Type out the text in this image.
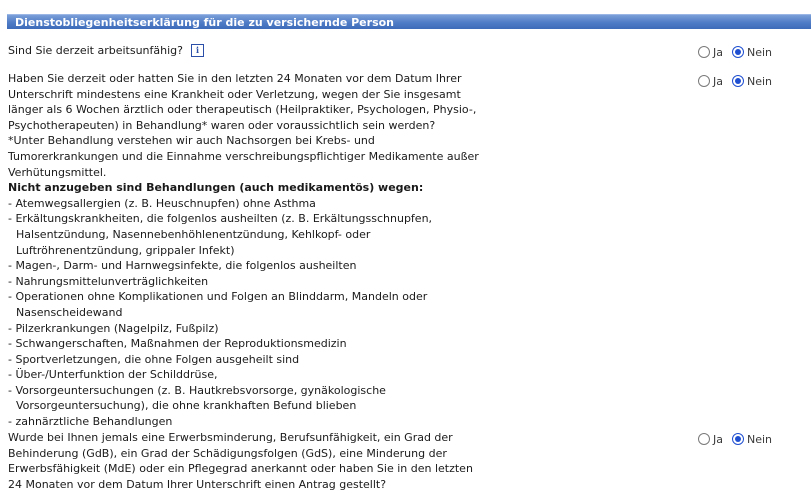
Dienstobliegenheitserklärung für die zu versichernde Person
Sind Sie derzeit arbeitsunfähig? i	Ja Nein
Haben Sie derzeit oder hatten Sie in den letzten 24 Monaten vor dem Datum Ihrer
Unterschrift mindestens eine Krankheit oder Verletzung, wegen der Sie insgesamt
länger als 6 Wochen ärztlich oder therapeutisch (Heilpraktiker, Psychologen, Physio-,
Psychotherapeuten) in Behandlung* waren oder voraussichtlich sein werden?
*Unter Behandlung verstehen wir auch Nachsorgen bei Krebs- und
Tumorerkrankungen und die Einnahme verschreibungspflichtiger Medikamente außer
Verhütungsmittel.
Nicht anzugeben sind Behandlungen (auch medikamentös) wegen:
- Atemwegsallergien (z. B. Heuschnupfen) ohne Asthma
- Erkältungskrankheiten, die folgenlos ausheilten (z. B. Erkältungsschnupfen,
Halsentzündung, Nasennebenhöhlenentzündung, Kehlkopf- oder
Luftröhrenentzündung, grippaler Infekt)
- Magen-, Darm- und Harnwegsinfekte, die folgenlos ausheilten
- Nahrungsmittelunverträglichkeiten
- Operationen ohne Komplikationen und Folgen an Blinddarm, Mandeln oder
Nasenscheidewand
- Pilzerkrankungen (Nagelpilz, Fußpilz)
- Schwangerschaften, Maßnahmen der Reproduktionsmedizin
- Sportverletzungen, die ohne Folgen ausgeheilt sind
- Über-/Unterfunktion der Schilddrüse,
- Vorsorgeuntersuchungen (z. B. Hautkrebsvorsorge, gynäkologische
Vorsorgeuntersuchung), die ohne krankhaften Befund blieben
- zahnärztliche Behandlungen
Ja Nein
Wurde bei Ihnen jemals eine Erwerbsminderung, Berufsunfähigkeit, ein Grad der
Behinderung (GdB), ein Grad der Schädigungsfolgen (GdS), eine Minderung der
Erwerbsfähigkeit (MdE) oder ein Pflegegrad anerkannt oder haben Sie in den letzten
24 Monaten vor dem Datum Ihrer Unterschrift einen Antrag gestellt?
Ja Nein
